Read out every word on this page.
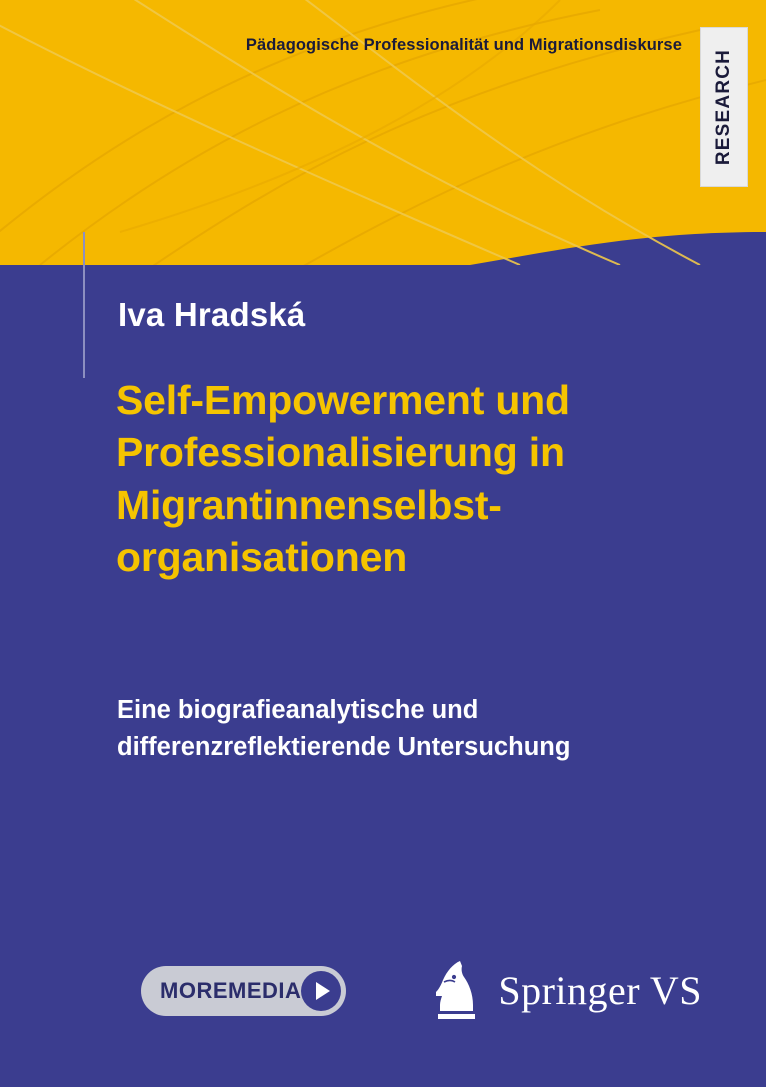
Pädagogische Professionalität und Migrationsdiskurse
RESEARCH
Iva Hradská
Self-Empowerment und Professionalisierung in Migrantinnenselbst-organisationen
Eine biografieanalytische und differenzreflektierende Untersuchung
MOREMEDIA	Springer VS
